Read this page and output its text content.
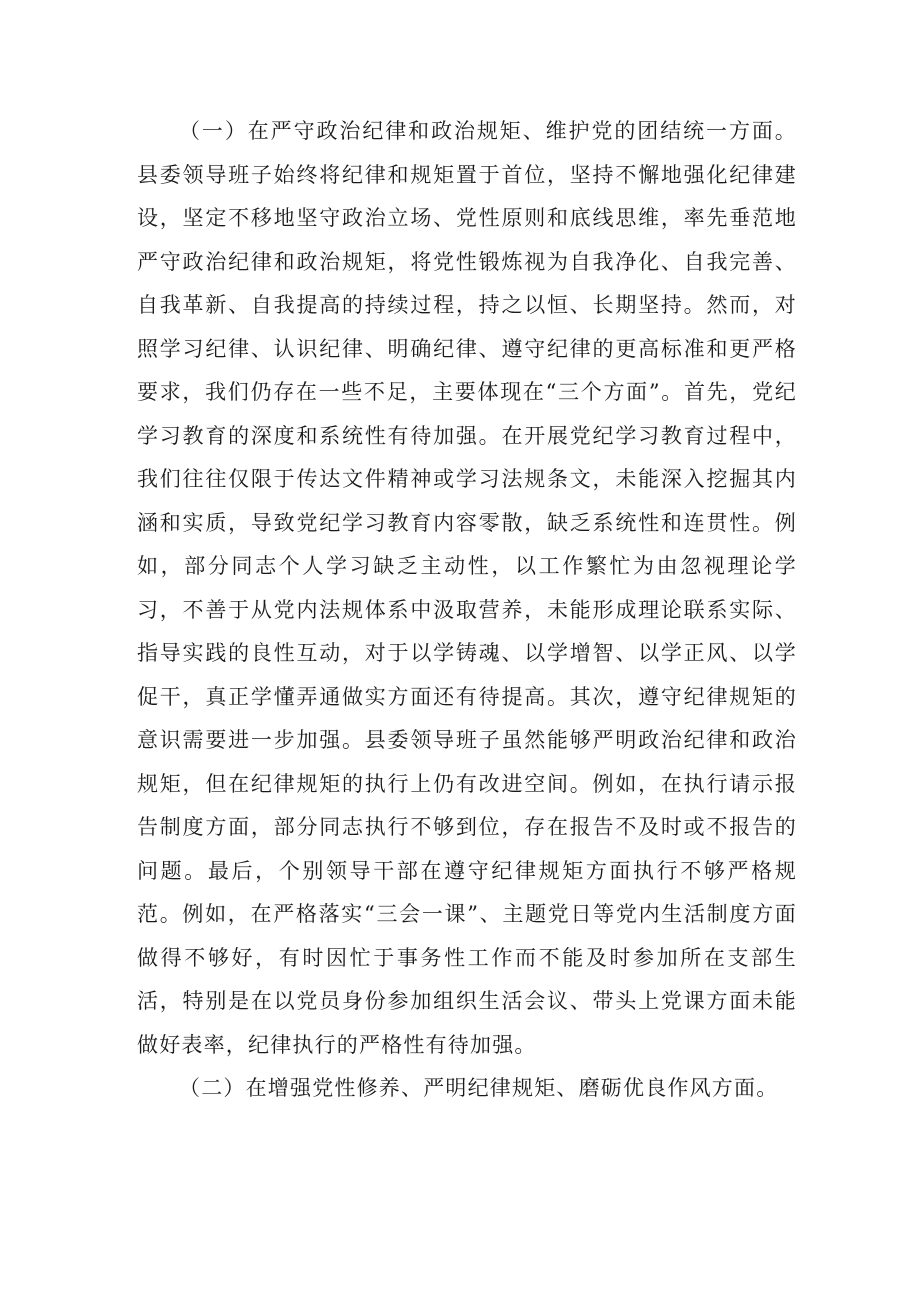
（一）在严守政治纪律和政治规矩、维护党的团结统一方面。县委领导班子始终将纪律和规矩置于首位，坚持不懈地强化纪律建设，坚定不移地坚守政治立场、党性原则和底线思维，率先垂范地严守政治纪律和政治规矩，将党性锻炼视为自我净化、自我完善、自我革新、自我提高的持续过程，持之以恒、长期坚持。然而，对照学习纪律、认识纪律、明确纪律、遵守纪律的更高标准和更严格要求，我们仍存在一些不足，主要体现在“三个方面”。首先，党纪学习教育的深度和系统性有待加强。在开展党纪学习教育过程中，我们往往仅限于传达文件精神或学习法规条文，未能深入挖掘其内涵和实质，导致党纪学习教育内容零散，缺乏系统性和连贯性。例如，部分同志个人学习缺乏主动性，以工作繁忙为由忽视理论学习，不善于从党内法规体系中汲取营养，未能形成理论联系实际、指导实践的良性互动，对于以学铸魂、以学增智、以学正风、以学促干，真正学懂弄通做实方面还有待提高。其次，遵守纪律规矩的意识需要进一步加强。县委领导班子虽然能够严明政治纪律和政治规矩，但在纪律规矩的执行上仍有改进空间。例如，在执行请示报告制度方面，部分同志执行不够到位，存在报告不及时或不报告的问题。最后，个别领导干部在遵守纪律规矩方面执行不够严格规范。例如，在严格落实“三会一课”、主题党日等党内生活制度方面做得不够好，有时因忙于事务性工作而不能及时参加所在支部生活，特别是在以党员身份参加组织生活会议、带头上党课方面未能做好表率，纪律执行的严格性有待加强。

（二）在增强党性修养、严明纪律规矩、磨砺优良作风方面。
